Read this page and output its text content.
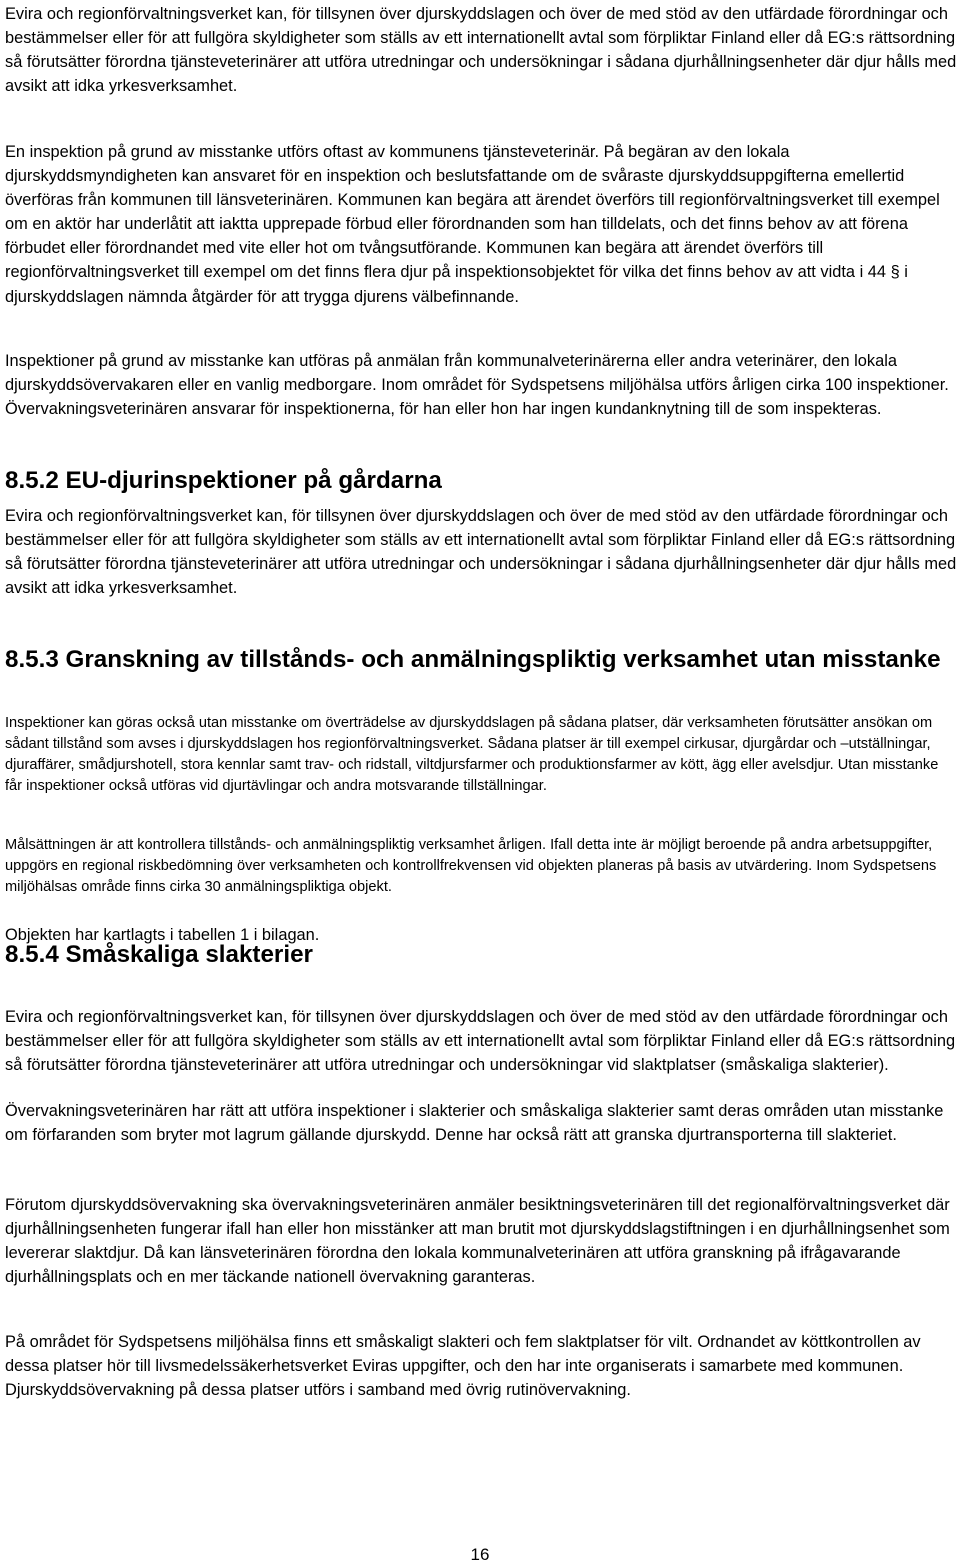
Evira och regionförvaltningsverket kan, för tillsynen över djurskyddslagen och över de med stöd av den utfärdade förordningar och bestämmelser eller för att fullgöra skyldigheter som ställs av ett internationellt avtal som förpliktar Finland eller då EG:s rättsordning så förutsätter förordna tjänsteveterinärer att utföra utredningar och undersökningar i sådana djurhållningsenheter där djur hålls med avsikt att idka yrkesverksamhet.

En inspektion på grund av misstanke utförs oftast av kommunens tjänsteveterinär. På begäran av den lokala djurskyddsmyndigheten kan ansvaret för en inspektion och beslutsfattande om de svåraste djurskyddsuppgifterna emellertid överföras från kommunen till länsveterinären. Kommunen kan begära att ärendet överförs till regionförvaltningsverket till exempel om en aktör har underlåtit att iaktta upprepade förbud eller förordnanden som han tilldelats, och det finns behov av att förena förbudet eller förordnandet med vite eller hot om tvångsutförande. Kommunen kan begära att ärendet överförs till regionförvaltningsverket till exempel om det finns flera djur på inspektionsobjektet för vilka det finns behov av att vidta i 44 § i djurskyddslagen nämnda åtgärder för att trygga djurens välbefinnande.

Inspektioner på grund av misstanke kan utföras på anmälan från kommunalveterinärerna eller andra veterinärer, den lokala djurskyddsövervakaren eller en vanlig medborgare. Inom området för Sydspetsens miljöhälsa utförs årligen cirka 100 inspektioner. Övervakningsveterinären ansvarar för inspektionerna, för han eller hon har ingen kundanknytning till de som inspekteras.

8.5.2 EU-djurinspektioner på gårdarna

Evira och regionförvaltningsverket kan, för tillsynen över djurskyddslagen och över de med stöd av den utfärdade förordningar och bestämmelser eller för att fullgöra skyldigheter som ställs av ett internationellt avtal som förpliktar Finland eller då EG:s rättsordning så förutsätter förordna tjänsteveterinärer att utföra utredningar och undersökningar i sådana djurhållningsenheter där djur hålls med avsikt att idka yrkesverksamhet.

8.5.3 Granskning av tillstånds- och anmälningspliktig verksamhet utan misstanke

Inspektioner kan göras också utan misstanke om överträdelse av djurskyddslagen på sådana platser, där verksamheten förutsätter ansökan om sådant tillstånd som avses i djurskyddslagen hos regionförvaltningsverket. Sådana platser är till exempel cirkusar, djurgårdar och –utställningar, djuraffärer, smådjurshotell, stora kennlar samt trav- och ridstall, viltdjursfarmer och produktionsfarmer av kött, ägg eller avelsdjur. Utan misstanke får inspektioner också utföras vid djurtävlingar och andra motsvarande tillställningar.

Målsättningen är att kontrollera tillstånds- och anmälningspliktig verksamhet årligen. Ifall detta inte är möjligt beroende på andra arbetsuppgifter, uppgörs en regional riskbedömning över verksamheten och kontrollfrekvensen vid objekten planeras på basis av utvärdering. Inom Sydspetsens miljöhälsas område finns cirka 30 anmälningspliktiga objekt.

Objekten har kartlagts i tabellen 1 i bilagan.

8.5.4 Småskaliga slakterier

Evira och regionförvaltningsverket kan, för tillsynen över djurskyddslagen och över de med stöd av den utfärdade förordningar och bestämmelser eller för att fullgöra skyldigheter som ställs av ett internationellt avtal som förpliktar Finland eller då EG:s rättsordning så förutsätter förordna tjänsteveterinärer att utföra utredningar och undersökningar vid slaktplatser (småskaliga slakterier).

Övervakningsveterinären har rätt att utföra inspektioner i slakterier och småskaliga slakterier samt deras områden utan misstanke om förfaranden som bryter mot lagrum gällande djurskydd. Denne har också rätt att granska djurtransporterna till slakteriet.

Förutom djurskyddsövervakning ska övervakningsveterinären anmäler besiktningsveterinären till det regionalförvaltningsverket där djurhållningsenheten fungerar ifall han eller hon misstänker att man brutit mot djurskyddslagstiftningen i en djurhållningsenhet som levererar slaktdjur. Då kan länsveterinären förordna den lokala kommunalveterinären att utföra granskning på ifrågavarande djurhållningsplats och en mer täckande nationell övervakning garanteras.

På området för Sydspetsens miljöhälsa finns ett småskaligt slakteri och fem slaktplatser för vilt. Ordnandet av köttkontrollen av dessa platser hör till livsmedelssäkerhetsverket Eviras uppgifter, och den har inte organiserats i samarbete med kommunen. Djurskyddsövervakning på dessa platser utförs i samband med övrig rutinövervakning.

16
